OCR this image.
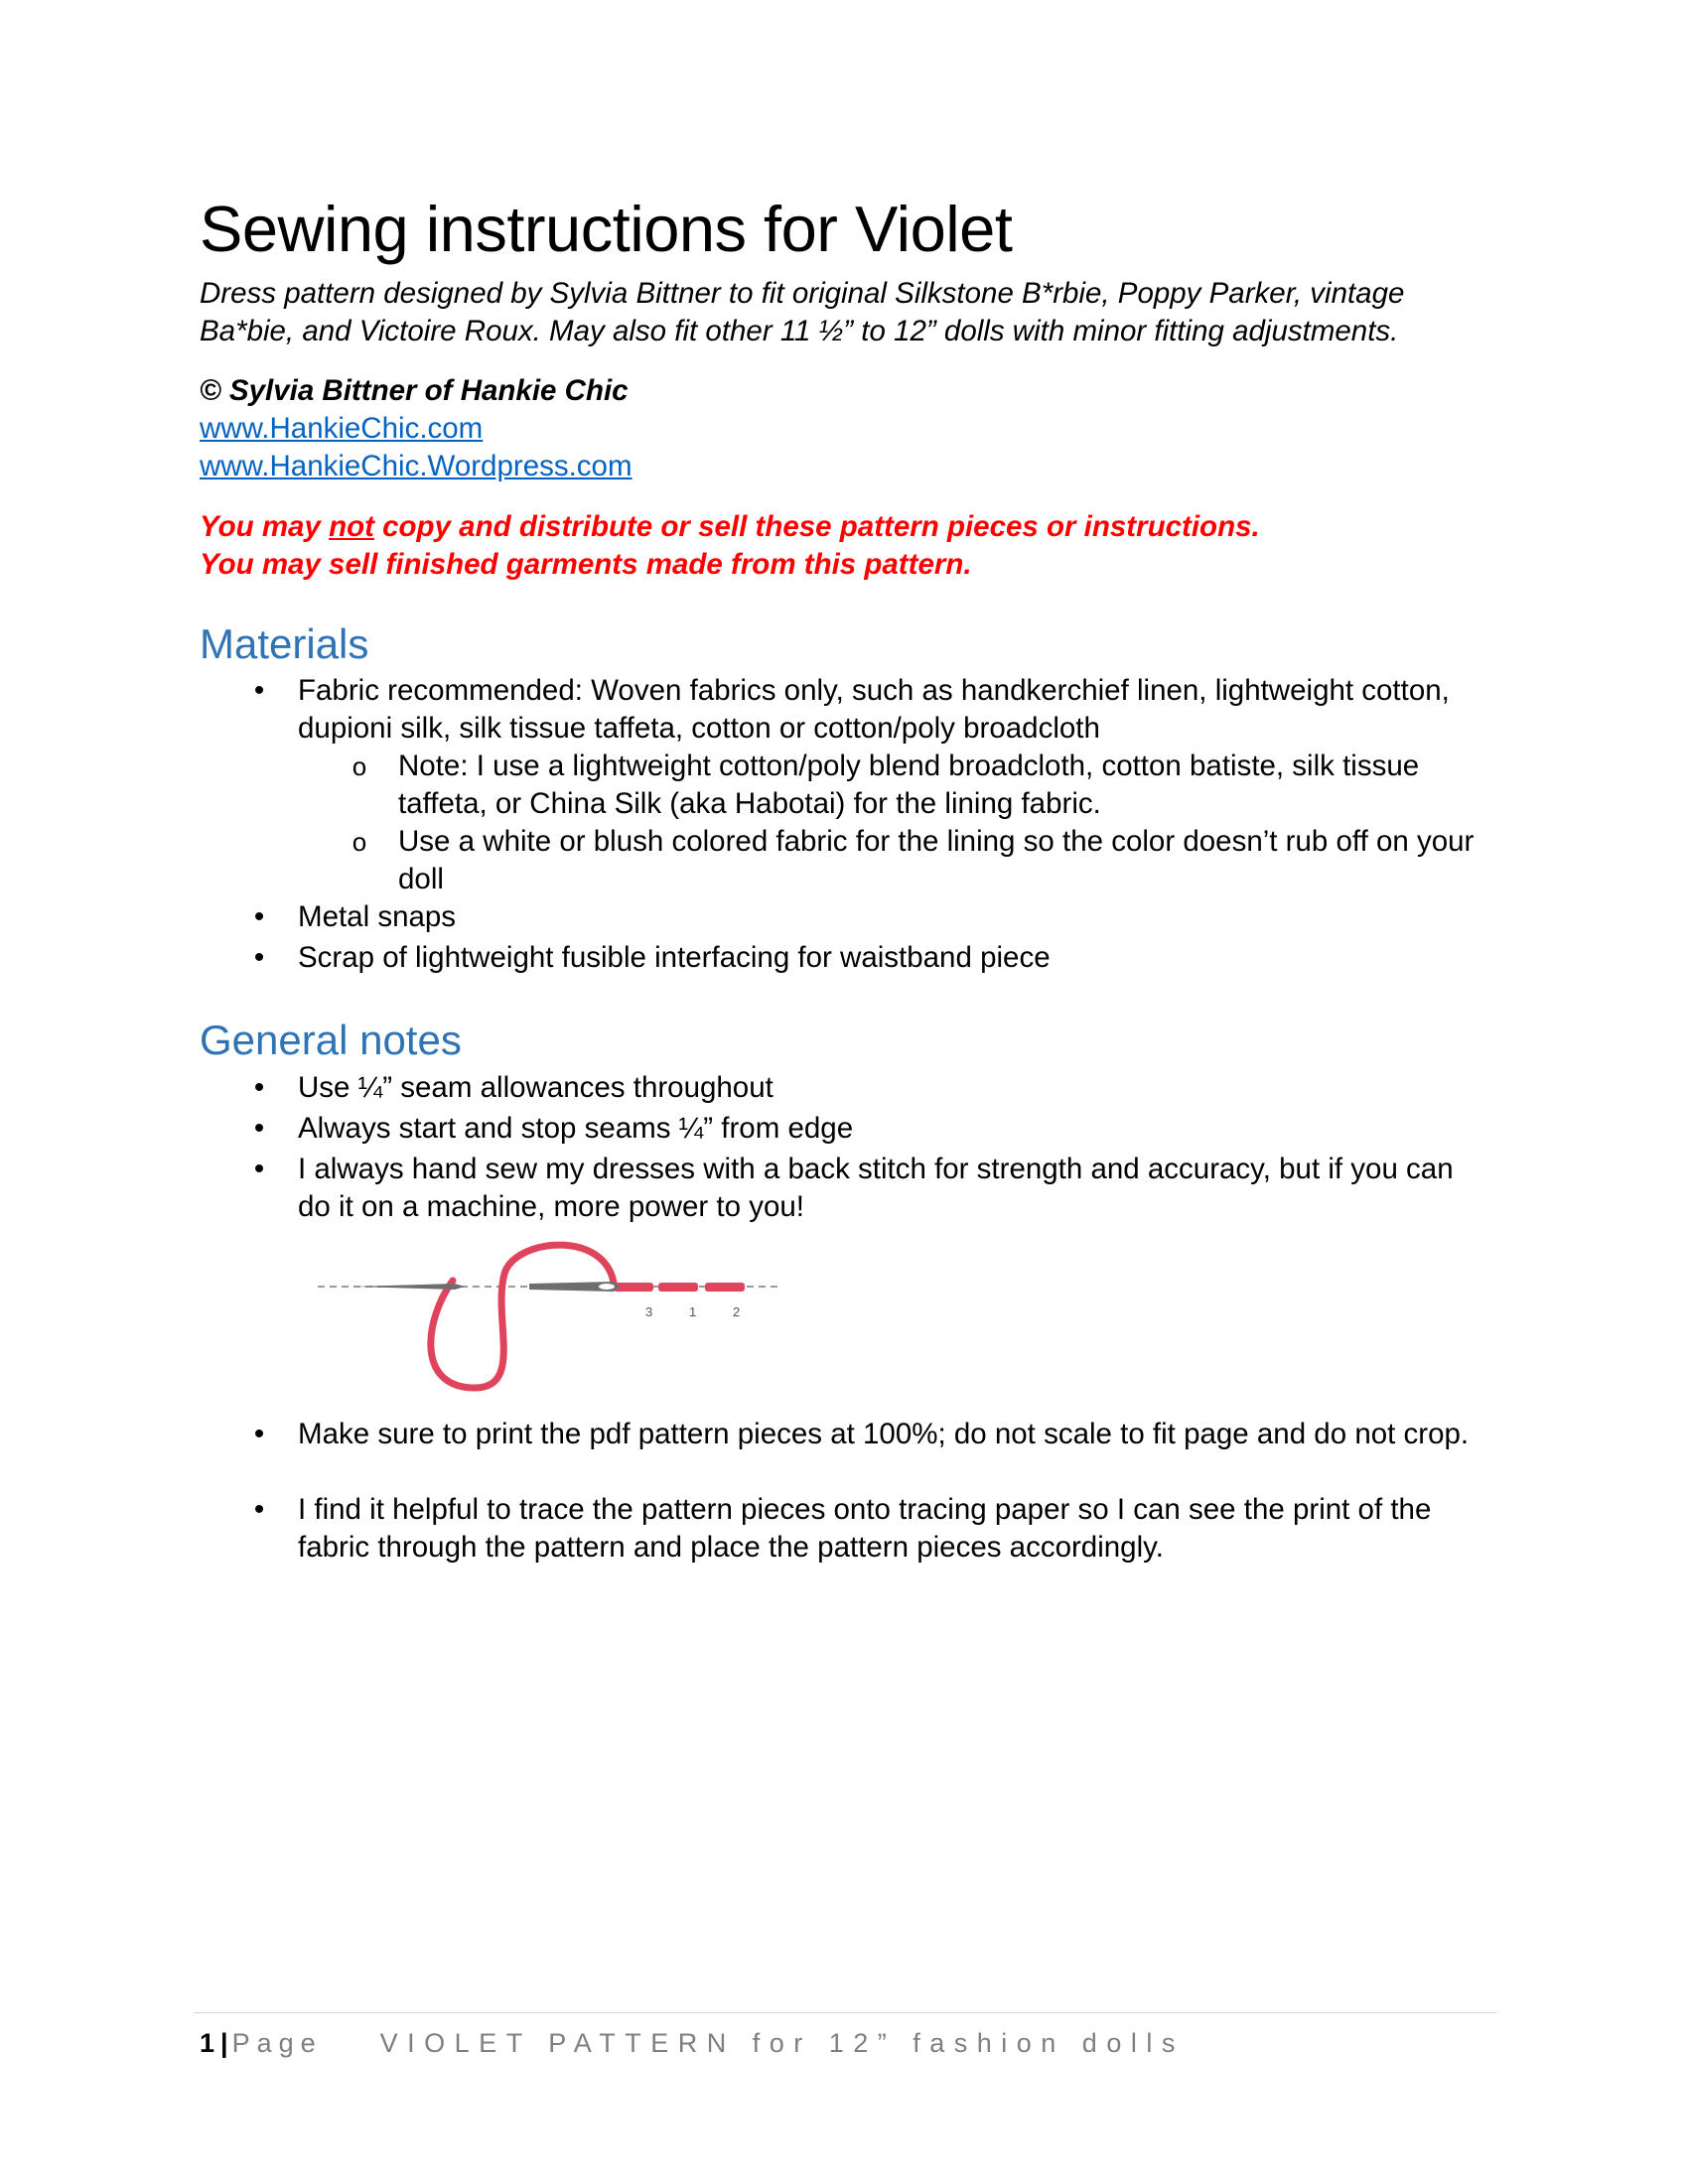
Sewing instructions for Violet
Dress pattern designed by Sylvia Bittner to fit original Silkstone B*rbie, Poppy Parker, vintage Ba*bie, and Victoire Roux. May also fit other 11 ½” to 12” dolls with minor fitting adjustments.
© Sylvia Bittner of Hankie Chic
www.HankieChic.com
www.HankieChic.Wordpress.com
You may not copy and distribute or sell these pattern pieces or instructions.
You may sell finished garments made from this pattern.
Materials
• Fabric recommended: Woven fabrics only, such as handkerchief linen, lightweight cotton, dupioni silk, silk tissue taffeta, cotton or cotton/poly broadcloth
o Note: I use a lightweight cotton/poly blend broadcloth, cotton batiste, silk tissue taffeta, or China Silk (aka Habotai) for the lining fabric.
o Use a white or blush colored fabric for the lining so the color doesn’t rub off on your doll
• Metal snaps
• Scrap of lightweight fusible interfacing for waistband piece
General notes
• Use ¼” seam allowances throughout
• Always start and stop seams ¼” from edge
• I always hand sew my dresses with a back stitch for strength and accuracy, but if you can do it on a machine, more power to you!
3	1	2
• Make sure to print the pdf pattern pieces at 100%; do not scale to fit page and do not crop.
• I find it helpful to trace the pattern pieces onto tracing paper so I can see the print of the fabric through the pattern and place the pattern pieces accordingly.
1 | Page VIOLET PATTERN for 12” fashion dolls
